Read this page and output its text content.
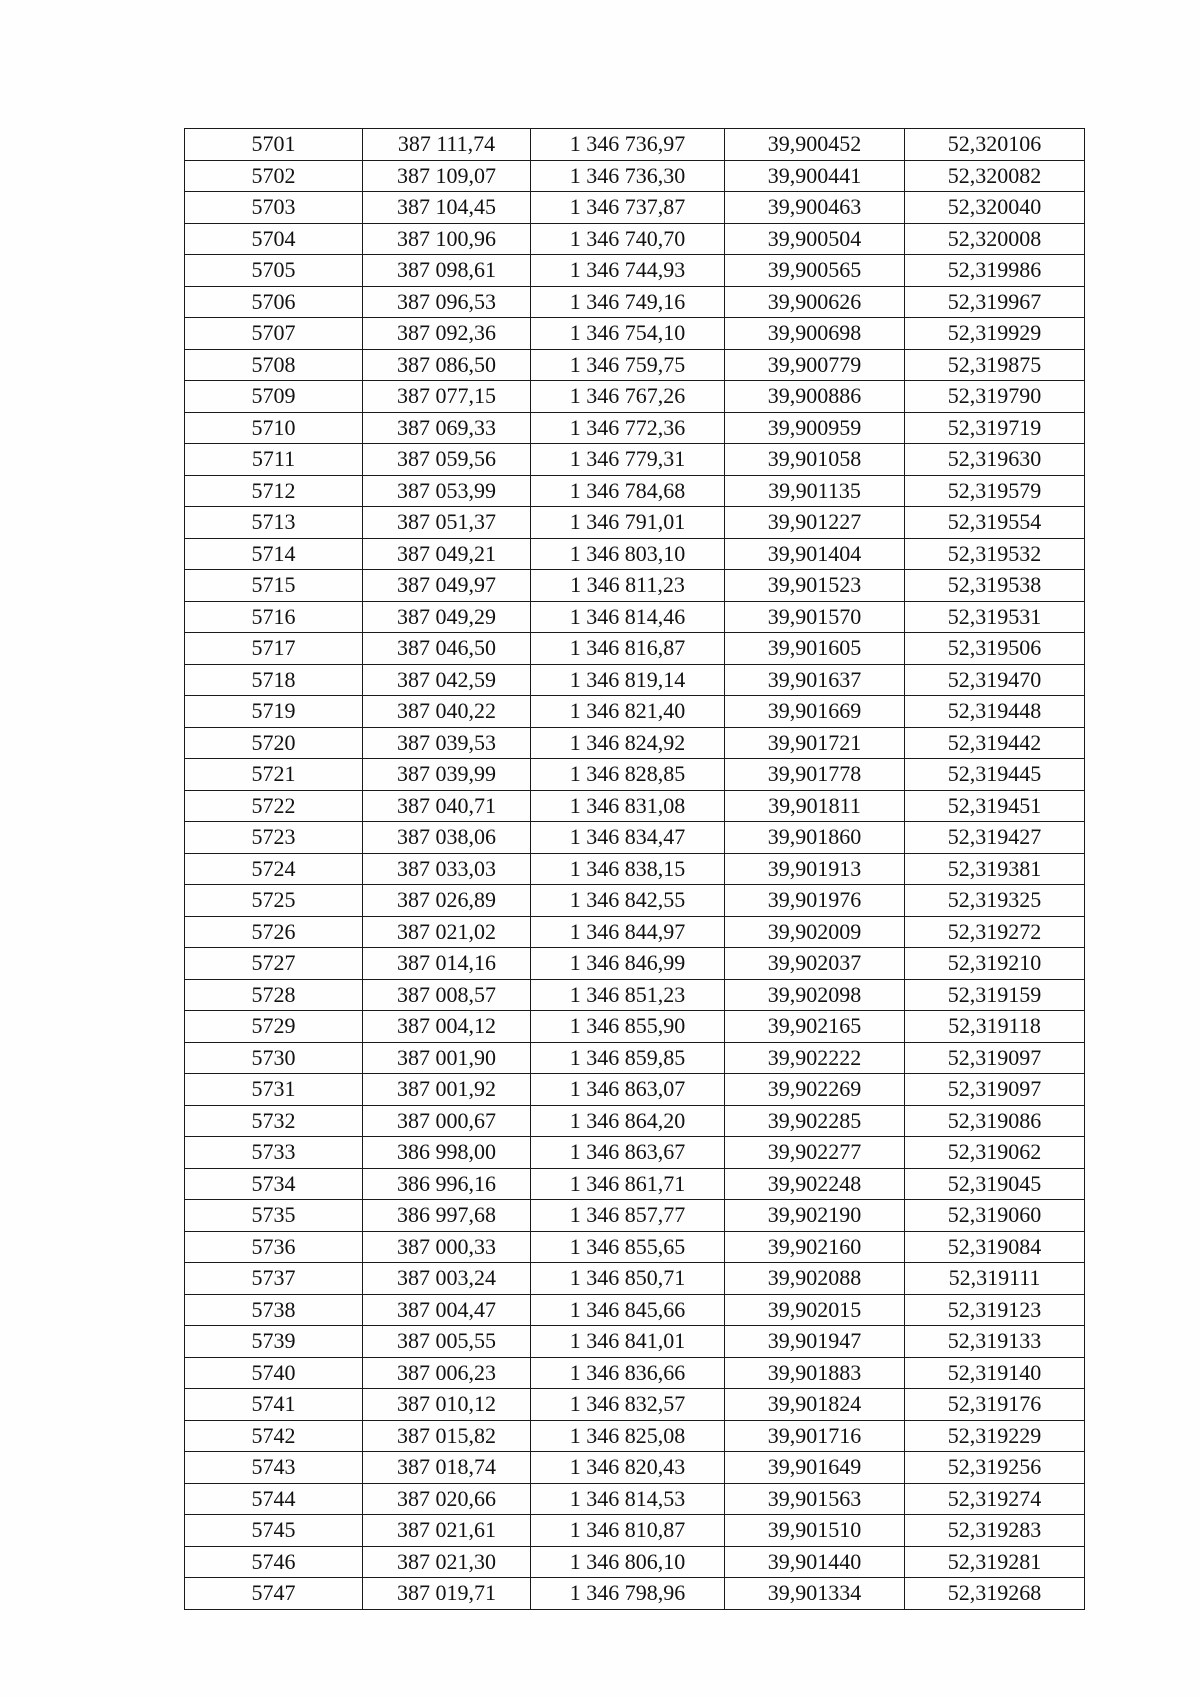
5701	387 111,74	1 346 736,97	39,900452	52,320106
5702	387 109,07	1 346 736,30	39,900441	52,320082
5703	387 104,45	1 346 737,87	39,900463	52,320040
5704	387 100,96	1 346 740,70	39,900504	52,320008
5705	387 098,61	1 346 744,93	39,900565	52,319986
5706	387 096,53	1 346 749,16	39,900626	52,319967
5707	387 092,36	1 346 754,10	39,900698	52,319929
5708	387 086,50	1 346 759,75	39,900779	52,319875
5709	387 077,15	1 346 767,26	39,900886	52,319790
5710	387 069,33	1 346 772,36	39,900959	52,319719
5711	387 059,56	1 346 779,31	39,901058	52,319630
5712	387 053,99	1 346 784,68	39,901135	52,319579
5713	387 051,37	1 346 791,01	39,901227	52,319554
5714	387 049,21	1 346 803,10	39,901404	52,319532
5715	387 049,97	1 346 811,23	39,901523	52,319538
5716	387 049,29	1 346 814,46	39,901570	52,319531
5717	387 046,50	1 346 816,87	39,901605	52,319506
5718	387 042,59	1 346 819,14	39,901637	52,319470
5719	387 040,22	1 346 821,40	39,901669	52,319448
5720	387 039,53	1 346 824,92	39,901721	52,319442
5721	387 039,99	1 346 828,85	39,901778	52,319445
5722	387 040,71	1 346 831,08	39,901811	52,319451
5723	387 038,06	1 346 834,47	39,901860	52,319427
5724	387 033,03	1 346 838,15	39,901913	52,319381
5725	387 026,89	1 346 842,55	39,901976	52,319325
5726	387 021,02	1 346 844,97	39,902009	52,319272
5727	387 014,16	1 346 846,99	39,902037	52,319210
5728	387 008,57	1 346 851,23	39,902098	52,319159
5729	387 004,12	1 346 855,90	39,902165	52,319118
5730	387 001,90	1 346 859,85	39,902222	52,319097
5731	387 001,92	1 346 863,07	39,902269	52,319097
5732	387 000,67	1 346 864,20	39,902285	52,319086
5733	386 998,00	1 346 863,67	39,902277	52,319062
5734	386 996,16	1 346 861,71	39,902248	52,319045
5735	386 997,68	1 346 857,77	39,902190	52,319060
5736	387 000,33	1 346 855,65	39,902160	52,319084
5737	387 003,24	1 346 850,71	39,902088	52,319111
5738	387 004,47	1 346 845,66	39,902015	52,319123
5739	387 005,55	1 346 841,01	39,901947	52,319133
5740	387 006,23	1 346 836,66	39,901883	52,319140
5741	387 010,12	1 346 832,57	39,901824	52,319176
5742	387 015,82	1 346 825,08	39,901716	52,319229
5743	387 018,74	1 346 820,43	39,901649	52,319256
5744	387 020,66	1 346 814,53	39,901563	52,319274
5745	387 021,61	1 346 810,87	39,901510	52,319283
5746	387 021,30	1 346 806,10	39,901440	52,319281
5747	387 019,71	1 346 798,96	39,901334	52,319268
